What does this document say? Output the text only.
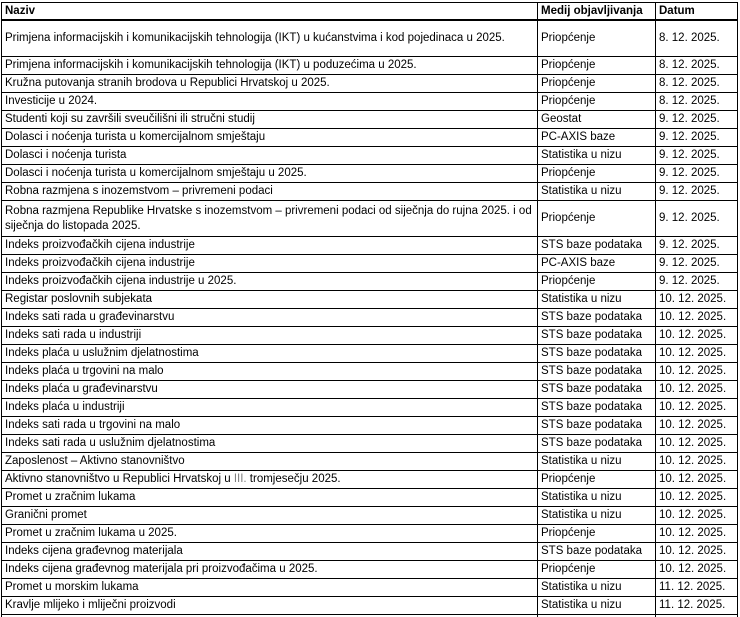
Naziv	Medij objavljivanja	Datum
Primjena informacijskih i komunikacijskih tehnologija (IKT) u kućanstvima i kod pojedinaca u 2025.	Priopćenje	8. 12. 2025.
Primjena informacijskih i komunikacijskih tehnologija (IKT) u poduzećima u 2025.	Priopćenje	8. 12. 2025.
Kružna putovanja stranih brodova u Republici Hrvatskoj u 2025.	Priopćenje	8. 12. 2025.
Investicije u 2024.	Priopćenje	8. 12. 2025.
Studenti koji su završili sveučilišni ili stručni studij	Geostat	9. 12. 2025.
Dolasci i noćenja turista u komercijalnom smještaju	PC-AXIS baze	9. 12. 2025.
Dolasci i noćenja turista	Statistika u nizu	9. 12. 2025.
Dolasci i noćenja turista u komercijalnom smještaju u 2025.	Priopćenje	9. 12. 2025.
Robna razmjena s inozemstvom – privremeni podaci	Statistika u nizu	9. 12. 2025.
Robna razmjena Republike Hrvatske s inozemstvom – privremeni podaci od siječnja do rujna 2025. i od siječnja do listopada 2025.	Priopćenje	9. 12. 2025.
Indeks proizvođačkih cijena industrije	STS baze podataka	9. 12. 2025.
Indeks proizvođačkih cijena industrije	PC-AXIS baze	9. 12. 2025.
Indeks proizvođačkih cijena industrije u 2025.	Priopćenje	9. 12. 2025.
Registar poslovnih subjekata	Statistika u nizu	10. 12. 2025.
Indeks sati rada u građevinarstvu	STS baze podataka	10. 12. 2025.
Indeks sati rada u industriji	STS baze podataka	10. 12. 2025.
Indeks plaća u uslužnim djelatnostima	STS baze podataka	10. 12. 2025.
Indeks plaća u trgovini na malo	STS baze podataka	10. 12. 2025.
Indeks plaća u građevinarstvu	STS baze podataka	10. 12. 2025.
Indeks plaća u industriji	STS baze podataka	10. 12. 2025.
Indeks sati rada u trgovini na malo	STS baze podataka	10. 12. 2025.
Indeks sati rada u uslužnim djelatnostima	STS baze podataka	10. 12. 2025.
Zaposlenost – Aktivno stanovništvo	Statistika u nizu	10. 12. 2025.
Aktivno stanovništvo u Republici Hrvatskoj u III. tromjesečju 2025.	Priopćenje	10. 12. 2025.
Promet u zračnim lukama	Statistika u nizu	10. 12. 2025.
Granični promet	Statistika u nizu	10. 12. 2025.
Promet u zračnim lukama u 2025.	Priopćenje	10. 12. 2025.
Indeks cijena građevnog materijala	STS baze podataka	10. 12. 2025.
Indeks cijena građevnog materijala pri proizvođačima u 2025.	Priopćenje	10. 12. 2025.
Promet u morskim lukama	Statistika u nizu	11. 12. 2025.
Kravlje mlijeko i mliječni proizvodi	Statistika u nizu	11. 12. 2025.
